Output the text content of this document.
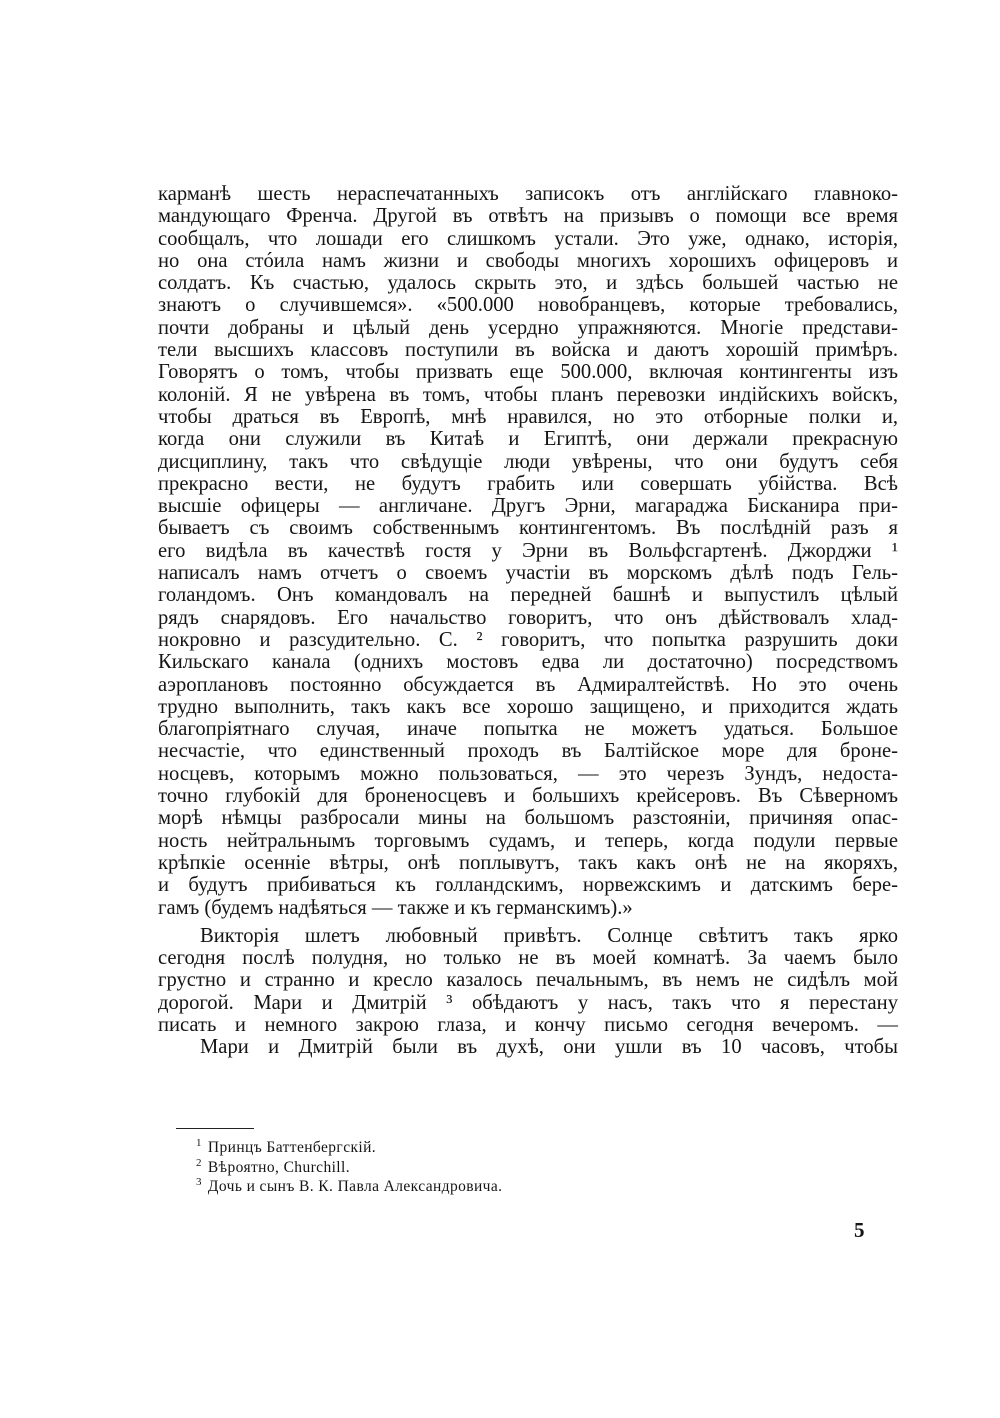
карманѣ шесть нераспечатанныхъ записокъ отъ англійскаго главноко-
мандующаго Френча. Другой въ отвѣтъ на призывъ о помощи все время
сообщалъ, что лошади его слишкомъ устали. Это уже, однако, исторія,
но она стóила намъ жизни и свободы многихъ хорошихъ офицеровъ и
солдатъ. Къ счастью, удалось скрыть это, и здѣсь большей частью не
знаютъ о случившемся». «500.000 новобранцевъ, которые требовались,
почти добраны и цѣлый день усердно упражняются. Многіе представи-
тели высшихъ классовъ поступили въ войска и даютъ хорошій примѣръ.
Говорятъ о томъ, чтобы призвать еще 500.000, включая контингенты изъ
колоній. Я не увѣрена въ томъ, чтобы планъ перевозки индійскихъ войскъ,
чтобы драться въ Европѣ, мнѣ нравился, но это отборные полки и,
когда они служили въ Китаѣ и Египтѣ, они держали прекрасную
дисциплину, такъ что свѣдущіе люди увѣрены, что они будутъ себя
прекрасно вести, не будутъ грабить или совершать убійства. Всѣ
высшіе офицеры — англичане. Другъ Эрни, магараджа Бисканира при-
бываетъ съ своимъ собственнымъ контингентомъ. Въ послѣдній разъ я
его видѣла въ качествѣ гостя у Эрни въ Вольфсгартенѣ. Джорджи ¹
написалъ намъ отчетъ о своемъ участіи въ морскомъ дѣлѣ подъ Гель-
голандомъ. Онъ командовалъ на передней башнѣ и выпустилъ цѣлый
рядъ снарядовъ. Его начальство говоритъ, что онъ дѣйствовалъ хлад-
нокровно и разсудительно. С. ² говоритъ, что попытка разрушить доки
Кильскаго канала (однихъ мостовъ едва ли достаточно) посредствомъ
аэроплановъ постоянно обсуждается въ Адмиралтействѣ. Но это очень
трудно выполнить, такъ какъ все хорошо защищено, и приходится ждать
благопріятнаго случая, иначе попытка не можетъ удаться. Большое
несчастіе, что единственный проходъ въ Балтійское море для броне-
носцевъ, которымъ можно пользоваться, — это черезъ Зундъ, недоста-
точно глубокій для броненосцевъ и большихъ крейсеровъ. Въ Сѣверномъ
морѣ нѣмцы разбросали мины на большомъ разстояніи, причиняя опас-
ность нейтральнымъ торговымъ судамъ, и теперь, когда подули первые
крѣпкіе осенніе вѣтры, онѣ поплывутъ, такъ какъ онѣ не на якоряхъ,
и будутъ прибиваться къ голландскимъ, норвежскимъ и датскимъ бере-
гамъ (будемъ надѣяться — также и къ германскимъ).»
Викторія шлетъ любовный привѣтъ. Солнце свѣтитъ такъ ярко
сегодня послѣ полудня, но только не въ моей комнатѣ. За чаемъ было
грустно и странно и кресло казалось печальнымъ, въ немъ не сидѣлъ мой
дорогой. Мари и Дмитрій ³ обѣдаютъ у насъ, такъ что я перестану
писать и немного закрою глаза, и кончу письмо сегодня вечеромъ. —
Мари и Дмитрій были въ духѣ, они ушли въ 10 часовъ, чтобы
$^1$ Принцъ Баттенбергскій.
$^2$ Вѣроятно, Churchill.
$^3$ Дочь и сынъ В. К. Павла Александровича.
5
